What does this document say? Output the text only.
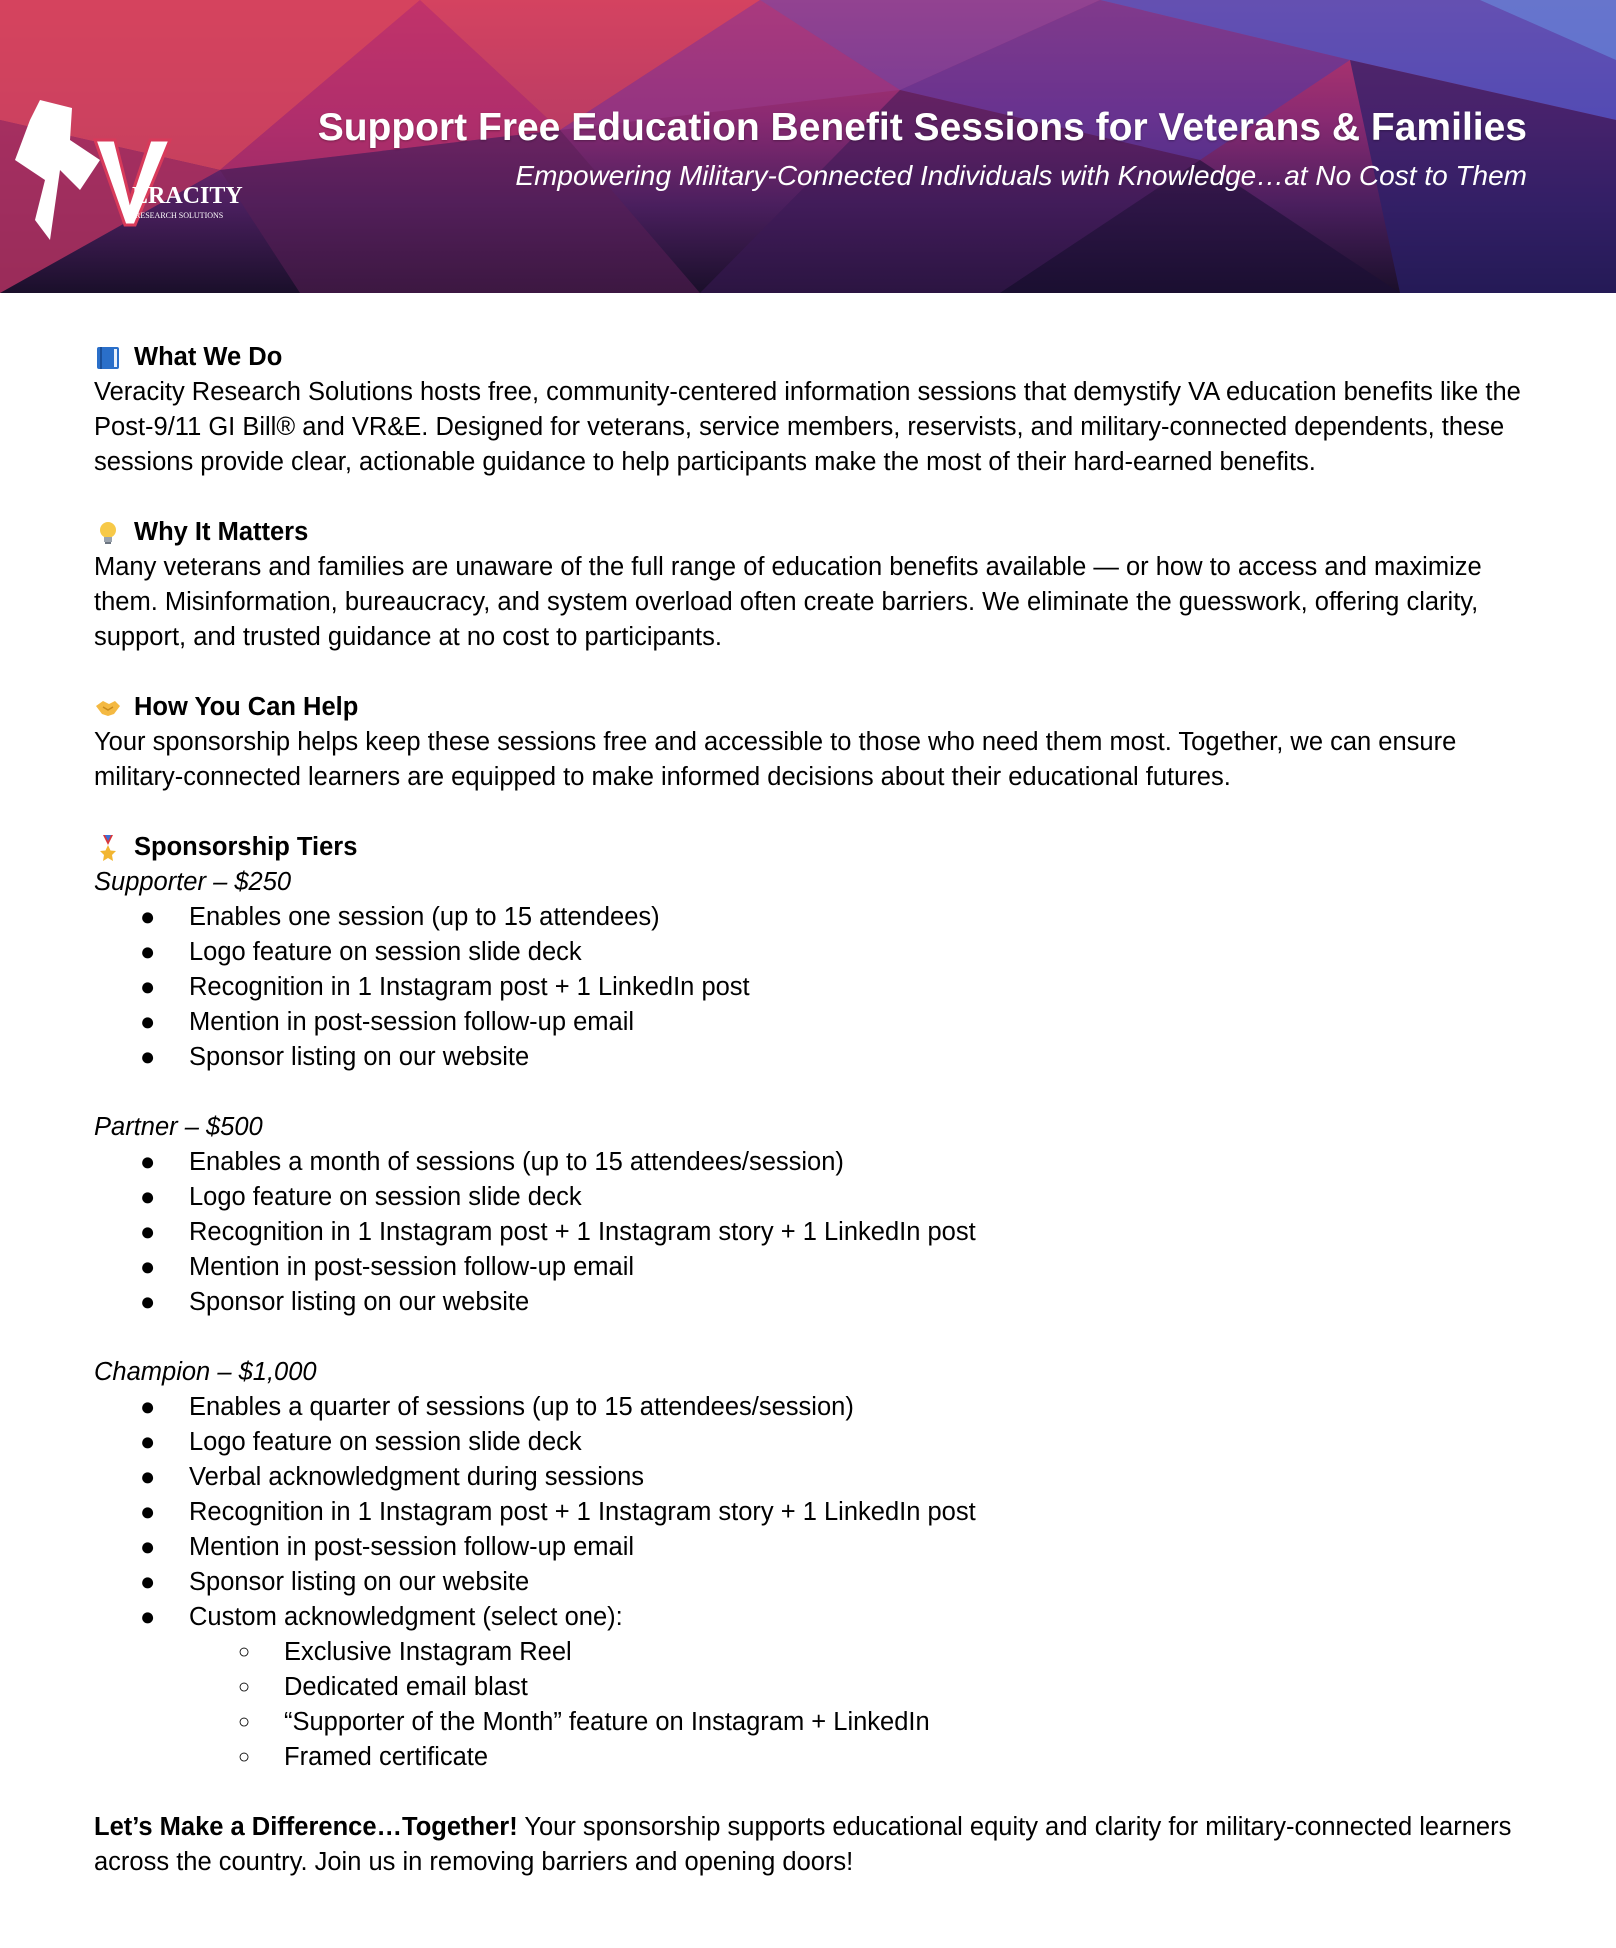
ERACITY
RESEARCH SOLUTIONS
Support Free Education Benefit Sessions for Veterans & Families
Empowering Military-Connected Individuals with Knowledge…at No Cost to Them
What We Do

Veracity Research Solutions hosts free, community-centered information sessions that demystify VA education benefits like the Post-9/11 GI Bill® and VR&E. Designed for veterans, service members, reservists, and military-connected dependents, these sessions provide clear, actionable guidance to help participants make the most of their hard-earned benefits.

Why It Matters

Many veterans and families are unaware of the full range of education benefits available — or how to access and maximize them. Misinformation, bureaucracy, and system overload often create barriers. We eliminate the guesswork, offering clarity, support, and trusted guidance at no cost to participants.

How You Can Help

Your sponsorship helps keep these sessions free and accessible to those who need them most. Together, we can ensure military-connected learners are equipped to make informed decisions about their educational futures.

Sponsorship Tiers
Supporter – $250
● Enables one session (up to 15 attendees)
● Logo feature on session slide deck
● Recognition in 1 Instagram post + 1 LinkedIn post
● Mention in post-session follow-up email
● Sponsor listing on our website
Partner – $500
● Enables a month of sessions (up to 15 attendees/session)
● Logo feature on session slide deck
● Recognition in 1 Instagram post + 1 Instagram story + 1 LinkedIn post
● Mention in post-session follow-up email
● Sponsor listing on our website
Champion – $1,000
● Enables a quarter of sessions (up to 15 attendees/session)
● Logo feature on session slide deck
● Verbal acknowledgment during sessions
● Recognition in 1 Instagram post + 1 Instagram story + 1 LinkedIn post
● Mention in post-session follow-up email
● Sponsor listing on our website
● Custom acknowledgment (select one):
○ Exclusive Instagram Reel
○ Dedicated email blast
○ “Supporter of the Month” feature on Instagram + LinkedIn
○ Framed certificate

Let’s Make a Difference…Together! Your sponsorship supports educational equity and clarity for military-connected learners across the country. Join us in removing barriers and opening doors!
